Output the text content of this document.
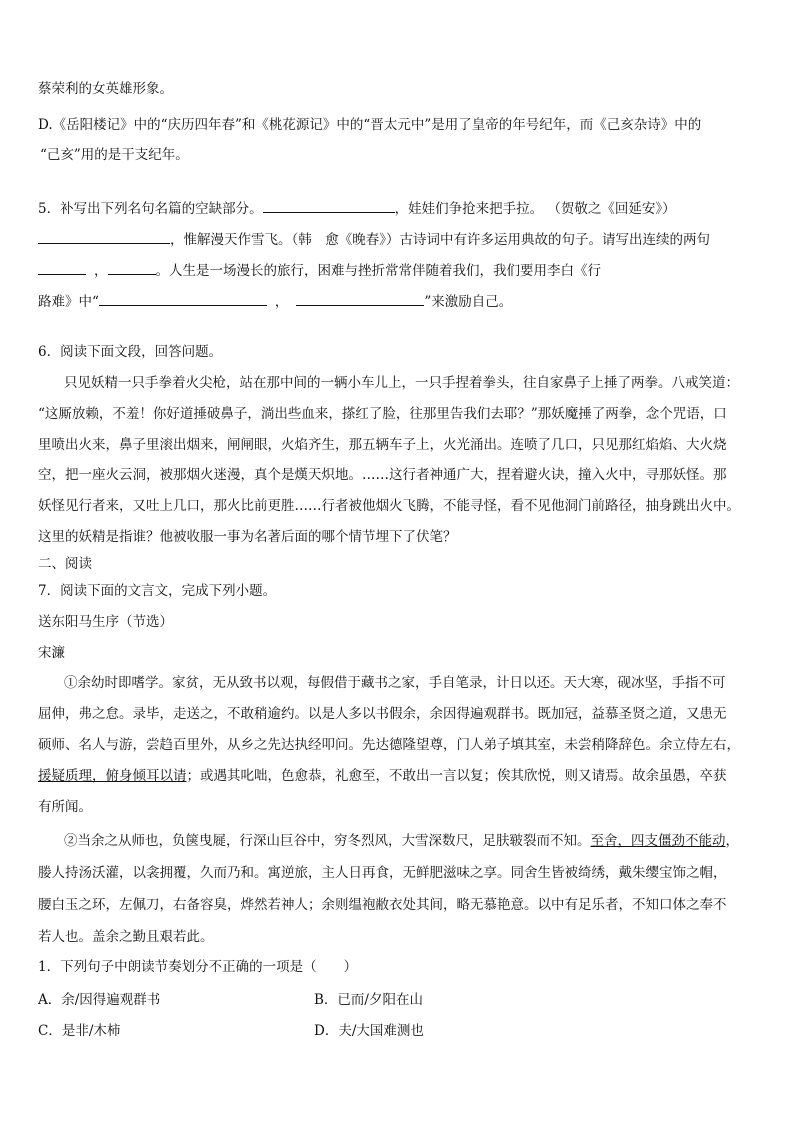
蔡荣利的女英雄形象。
D.《岳阳楼记》中的“庆历四年春”和《桃花源记》中的“晋太元中”是用了皇帝的年号纪年，而《己亥杂诗》中的
“己亥”用的是干支纪年。
5．补写出下列名句名篇的空缺部分。	，娃娃们争抢来把手拉。 （贺敬之《回延安》）
，惟解漫天作雪飞。（韩　愈《晚春》）古诗词中有许多运用典故的句子。请写出连续的两句
，	。人生是一场漫长的旅行，困难与挫折常常伴随着我们，我们要用李白《行
路难》中“	，	”来激励自己。
6．阅读下面文段，回答问题。
只见妖精一只手拳着火尖枪，站在那中间的一辆小车儿上，一只手捏着拳头，往自家鼻子上捶了两拳。八戒笑道：
“这厮放赖，不羞！你好道捶破鼻子，淌出些血来，搽红了脸，往那里告我们去耶？”那妖魔捶了两拳，念个咒语，口
里喷出火来，鼻子里滚出烟来，闸闸眼，火焰齐生，那五辆车子上，火光涌出。连喷了几口，只见那红焰焰、大火烧
空，把一座火云洞，被那烟火迷漫，真个是熯天炽地。……这行者神通广大，捏着避火诀，撞入火中，寻那妖怪。那
妖怪见行者来，又吐上几口，那火比前更胜……行者被他烟火飞腾，不能寻怪，看不见他洞门前路径，抽身跳出火中。
这里的妖精是指谁？他被收服一事为名著后面的哪个情节埋下了伏笔？
二、阅读
7．阅读下面的文言文，完成下列小题。
送东阳马生序（节选）
宋濂
①余幼时即嗜学。家贫，无从致书以观，每假借于藏书之家，手自笔录，计日以还。天大寒，砚冰坚，手指不可
屈伸，弗之怠。录毕，走送之，不敢稍逾约。以是人多以书假余，余因得遍观群书。既加冠，益慕圣贤之道，又患无
硕师、名人与游，尝趋百里外，从乡之先达执经叩问。先达德隆望尊，门人弟子填其室，未尝稍降辞色。余立侍左右，
援疑质理，俯身倾耳以请；或遇其叱咄，色愈恭，礼愈至，不敢出一言以复；俟其欣悦，则又请焉。故余虽愚，卒获
有所闻。
②当余之从师也，负箧曳屣，行深山巨谷中，穷冬烈风，大雪深数尺，足肤皲裂而不知。至舍，四支僵劲不能动，
媵人持汤沃灌，以衾拥覆，久而乃和。寓逆旅，主人日再食，无鲜肥滋味之享。同舍生皆被绮绣，戴朱缨宝饰之帽，
腰白玉之环，左佩刀，右备容臭，烨然若神人；余则缊袍敝衣处其间，略无慕艳意。以中有足乐者，不知口体之奉不
若人也。盖余之勤且艰若此。
1．下列句子中朗读节奏划分不正确的一项是（　　）
A．余/因得遍观群书	B．已而/夕阳在山
C．是非/木柿	D．夫/大国难测也
